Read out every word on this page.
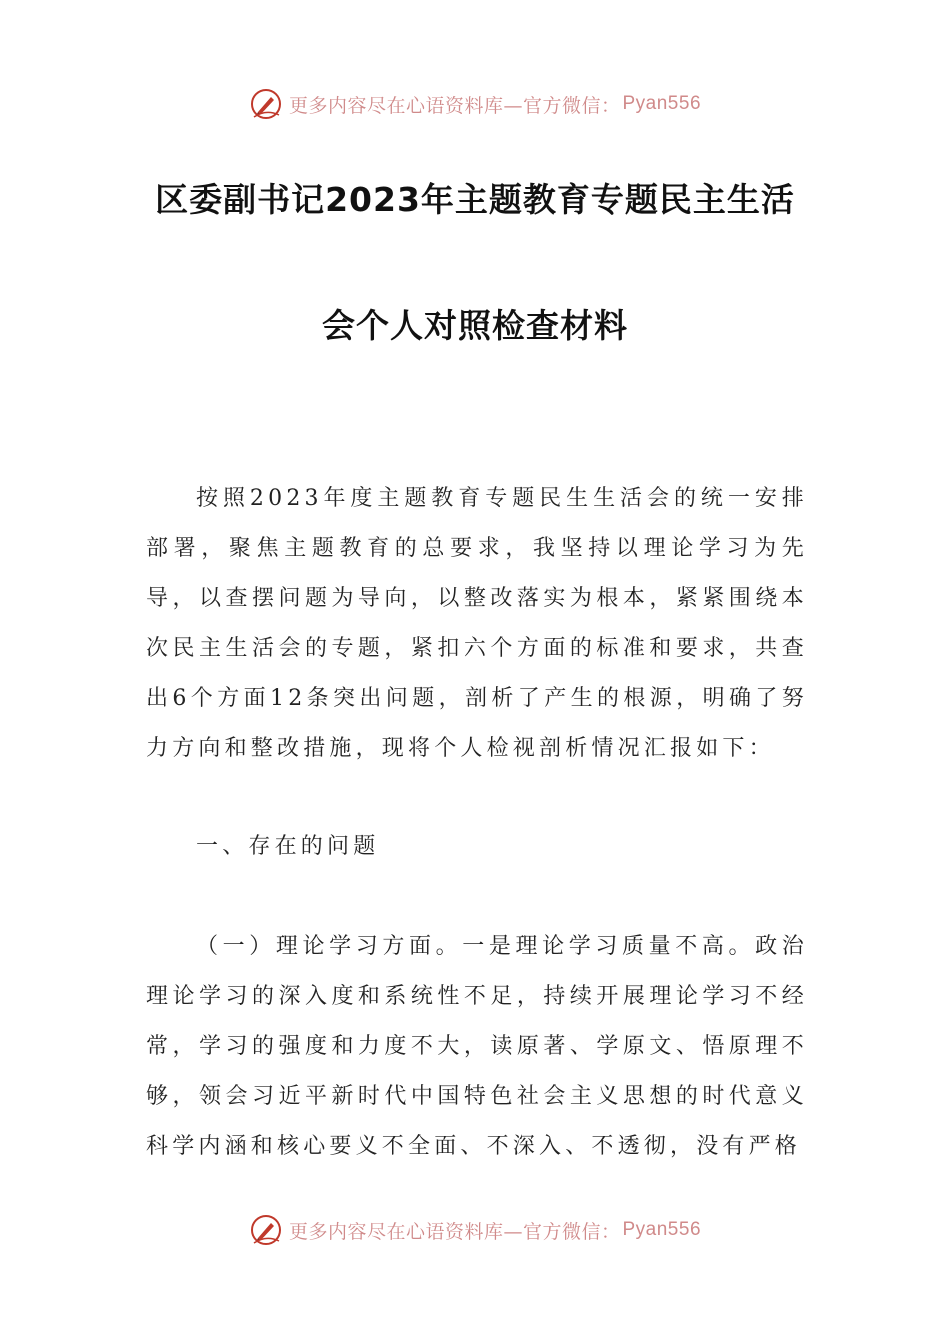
更多内容尽在心语资料库—官方微信： Pyan556
区委副书记2023年主题教育专题民主生活
会个人对照检查材料

按照2023年度主题教育专题民生生活会的统一安排部署，聚焦主题教育的总要求，我坚持以理论学习为先导，以查摆问题为导向，以整改落实为根本，紧紧围绕本次民主生活会的专题，紧扣六个方面的标准和要求，共查出6个方面12条突出问题，剖析了产生的根源，明确了努力方向和整改措施，现将个人检视剖析情况汇报如下：

一、存在的问题

（一）理论学习方面。一是理论学习质量不高。政治理论学习的深入度和系统性不足，持续开展理论学习不经常，学习的强度和力度不大，读原著、学原文、悟原理不够，领会习近平新时代中国特色社会主义思想的时代意义科学内涵和核心要义不全面、不深入、不透彻，没有严格

更多内容尽在心语资料库—官方微信： Pyan556
